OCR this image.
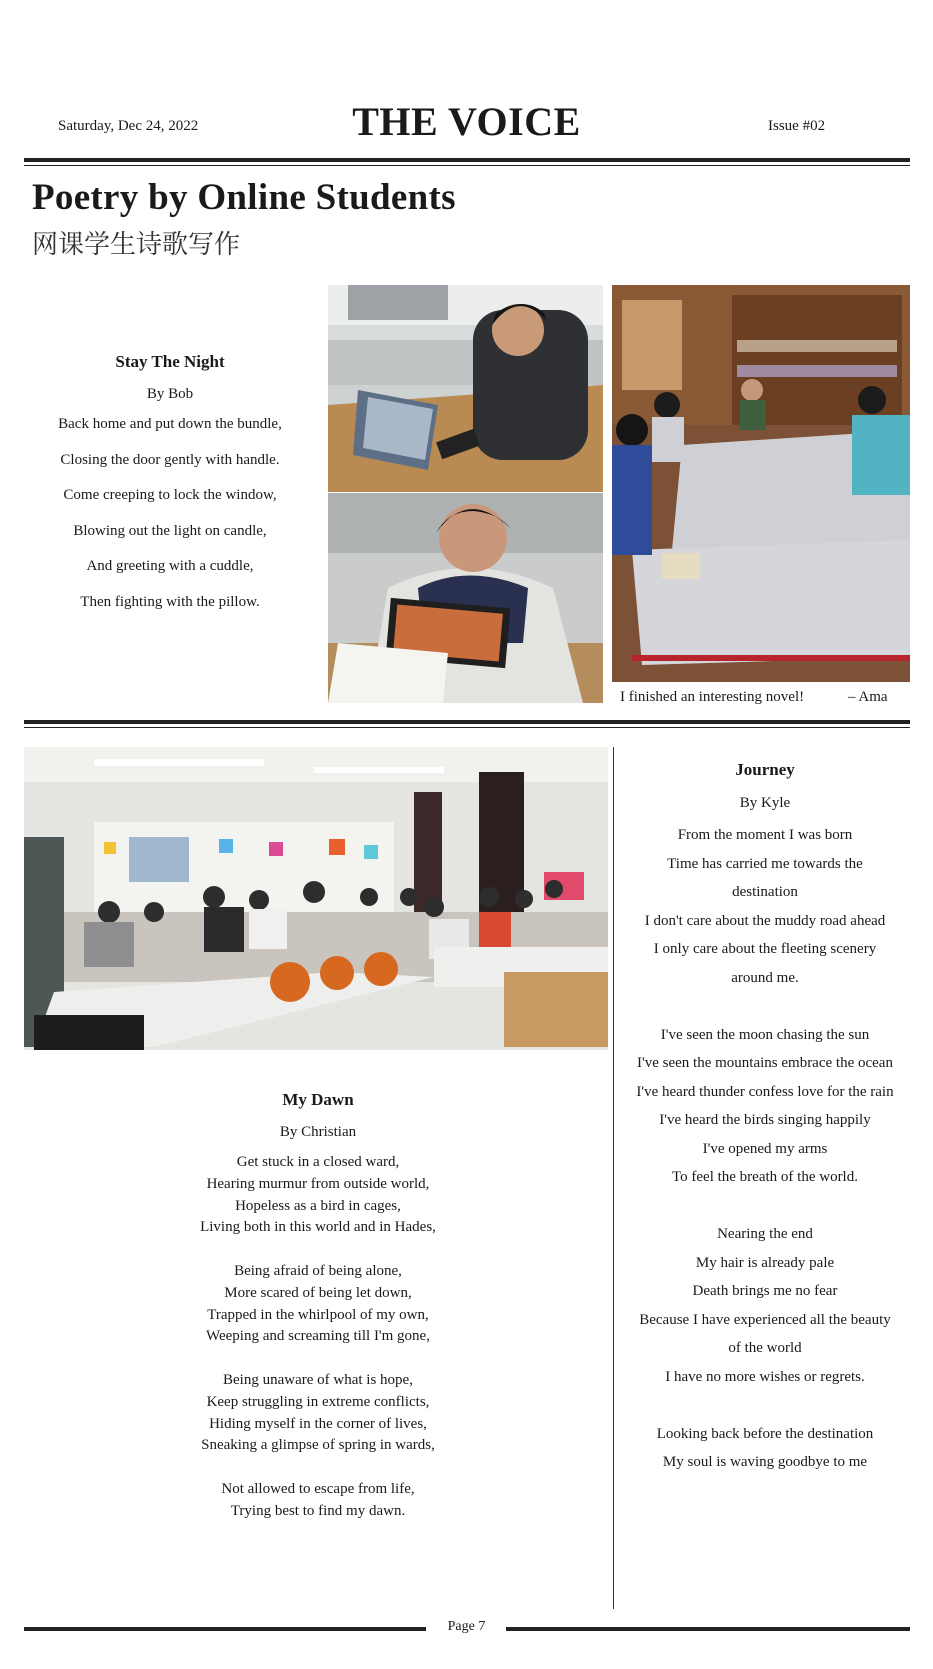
Saturday, Dec 24, 2022	THE VOICE	Issue #02
Poetry by Online Students
网课学生诗歌写作
Stay The Night
By Bob
Back home and put down the bundle,
Closing the door gently with handle.
Come creeping to lock the window,
Blowing out the light on candle,
And greeting with a cuddle,
Then fighting with the pillow.
I finished an interesting novel!	– Ama
Journey
By Kyle
From the moment I was born
Time has carried me towards the
destination
I don't care about the muddy road ahead
I only care about the fleeting scenery
around me.
I've seen the moon chasing the sun
I've seen the mountains embrace the ocean
I've heard thunder confess love for the rain
I've heard the birds singing happily
I've opened my arms
To feel the breath of the world.
Nearing the end
My hair is already pale
Death brings me no fear
Because I have experienced all the beauty
of the world
I have no more wishes or regrets.
Looking back before the destination
My soul is waving goodbye to me
My Dawn
By Christian
Get stuck in a closed ward,
Hearing murmur from outside world,
Hopeless as a bird in cages,
Living both in this world and in Hades,
Being afraid of being alone,
More scared of being let down,
Trapped in the whirlpool of my own,
Weeping and screaming till I'm gone,
Being unaware of what is hope,
Keep struggling in extreme conflicts,
Hiding myself in the corner of lives,
Sneaking a glimpse of spring in wards,
Not allowed to escape from life,
Trying best to find my dawn.
Page 7
